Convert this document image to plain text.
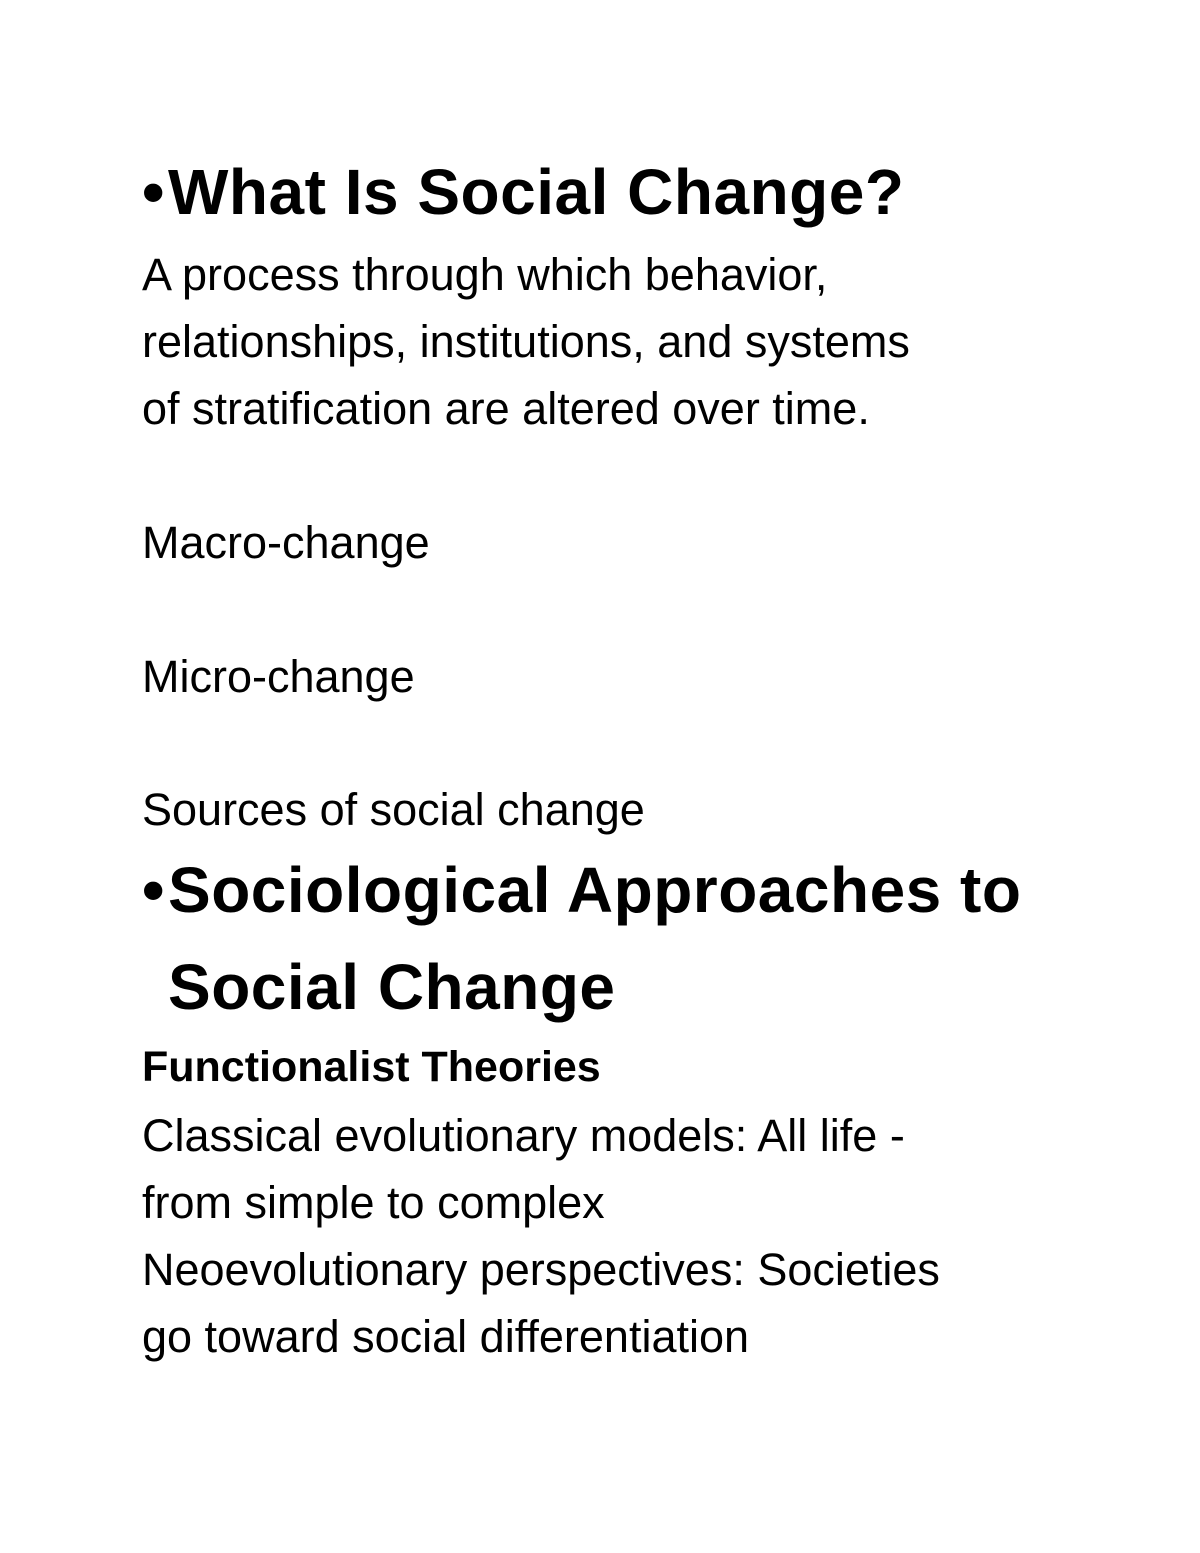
•What Is Social Change?
A process through which behavior,
relationships, institutions, and systems
of stratification are altered over time.
Macro-change
Micro-change
Sources of social change
•Sociological Approaches to
Social Change
Functionalist Theories
Classical evolutionary models: All life -
from simple to complex
Neoevolutionary perspectives: Societies
go toward social differentiation
